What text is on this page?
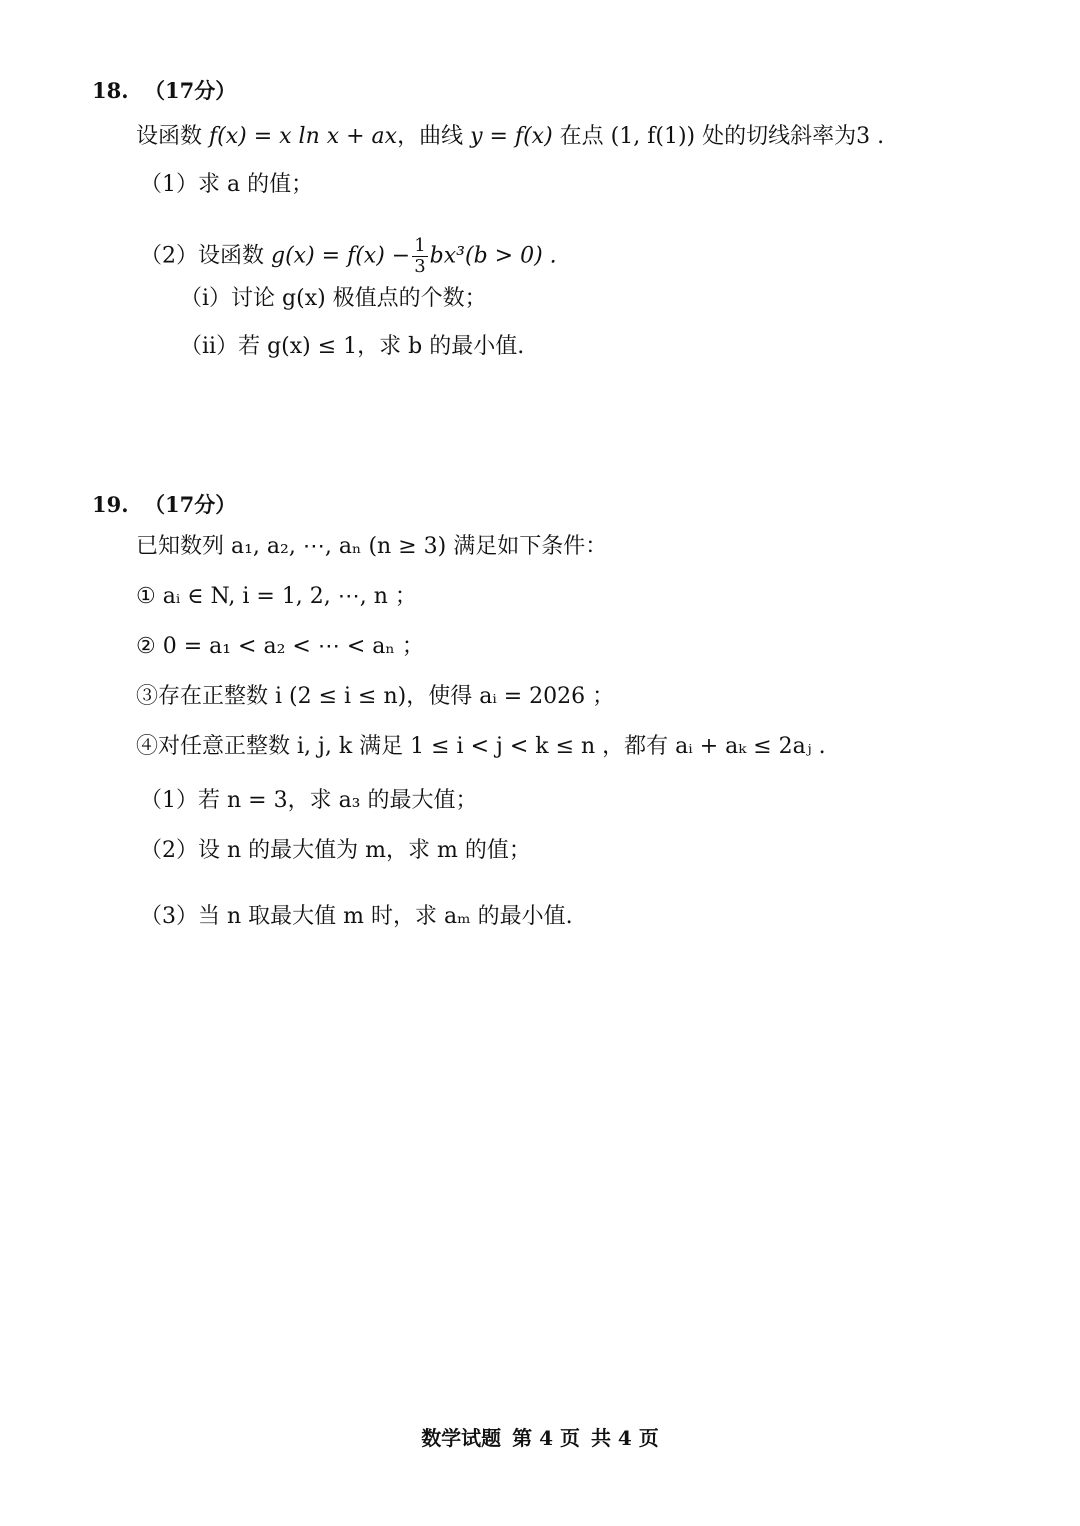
18. （17分）
设函数 f(x) = x ln x + ax，曲线 y = f(x) 在点 (1, f(1)) 处的切线斜率为3 .
（1）求 a 的值；
（2）设函数 $g(x) = f(x) - \frac{1}{3} bx^3(b > 0)$ .
（i）讨论 g(x) 极值点的个数；
（ii）若 g(x) ≤ 1，求 b 的最小值.
19. （17分）
已知数列 a₁, a₂, ⋯, aₙ (n ≥ 3) 满足如下条件：
① aᵢ ∈ N, i = 1, 2, ⋯, n ；
② 0 = a₁ < a₂ < ⋯ < aₙ ；
③存在正整数 i (2 ≤ i ≤ n)，使得 aᵢ = 2026 ；
④对任意正整数 i, j, k 满足 1 ≤ i < j < k ≤ n ，都有 aᵢ + aₖ ≤ 2aⱼ .
（1）若 n = 3，求 a₃ 的最大值；
（2）设 n 的最大值为 m，求 m 的值；
（3）当 n 取最大值 m 时，求 aₘ 的最小值.
数学试题 第 4 页 共 4 页
